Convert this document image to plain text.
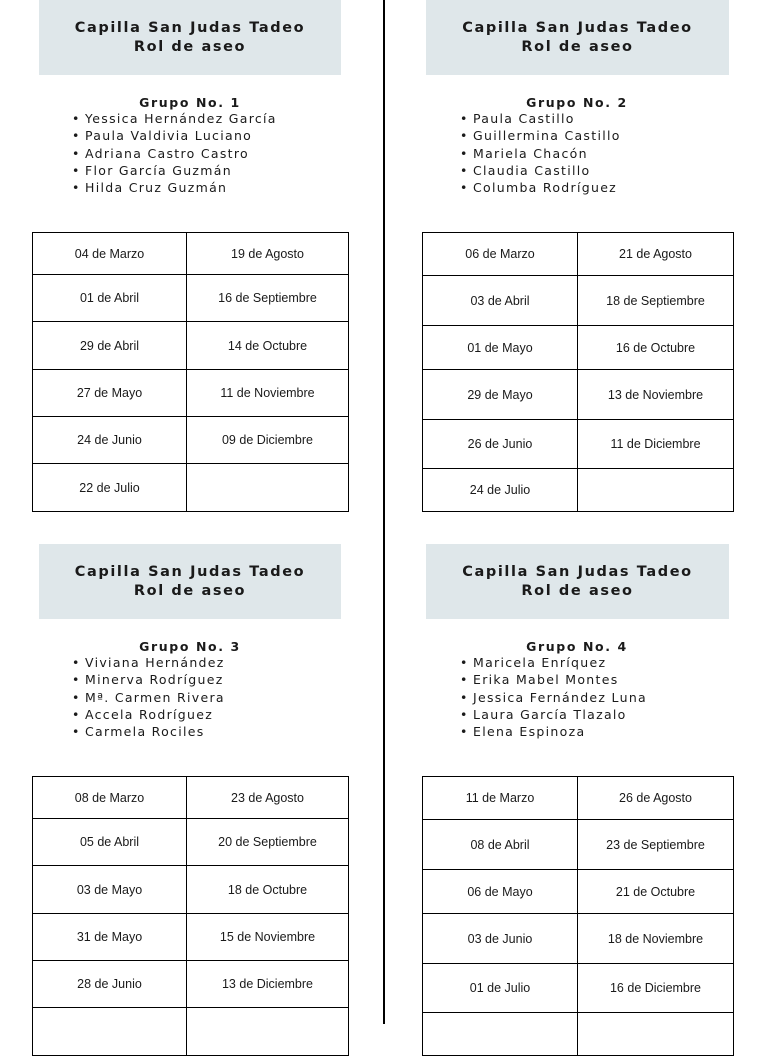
Capilla San Judas Tadeo
Rol de aseo
Grupo No. 1
• Yessica Hernández García
• Paula Valdivia Luciano
• Adriana Castro Castro
• Flor García Guzmán
• Hilda Cruz Guzmán
04 de Marzo	19 de Agosto
01 de Abril	16 de Septiembre
29 de Abril	14 de Octubre
27 de Mayo	11 de Noviembre
24 de Junio	09 de Diciembre
22 de Julio	
Capilla San Judas Tadeo
Rol de aseo
Grupo No. 2
• Paula Castillo
• Guillermina Castillo
• Mariela Chacón
• Claudia Castillo
• Columba Rodríguez
06 de Marzo	21 de Agosto
03 de Abril	18 de Septiembre
01 de Mayo	16 de Octubre
29 de Mayo	13 de Noviembre
26 de Junio	11 de Diciembre
24 de Julio	
Capilla San Judas Tadeo
Rol de aseo
Grupo No. 3
• Viviana Hernández
• Minerva Rodríguez
• Mª. Carmen Rivera
• Accela Rodríguez
• Carmela Rociles
08 de Marzo	23 de Agosto
05 de Abril	20 de Septiembre
03 de Mayo	18 de Octubre
31 de Mayo	15 de Noviembre
28 de Junio	13 de Diciembre

Capilla San Judas Tadeo
Rol de aseo
Grupo No. 4
• Maricela Enríquez
• Erika Mabel Montes
• Jessica Fernández Luna
• Laura García Tlazalo
• Elena Espinoza
11 de Marzo	26 de Agosto
08 de Abril	23 de Septiembre
06 de Mayo	21 de Octubre
03 de Junio	18 de Noviembre
01 de Julio	16 de Diciembre
